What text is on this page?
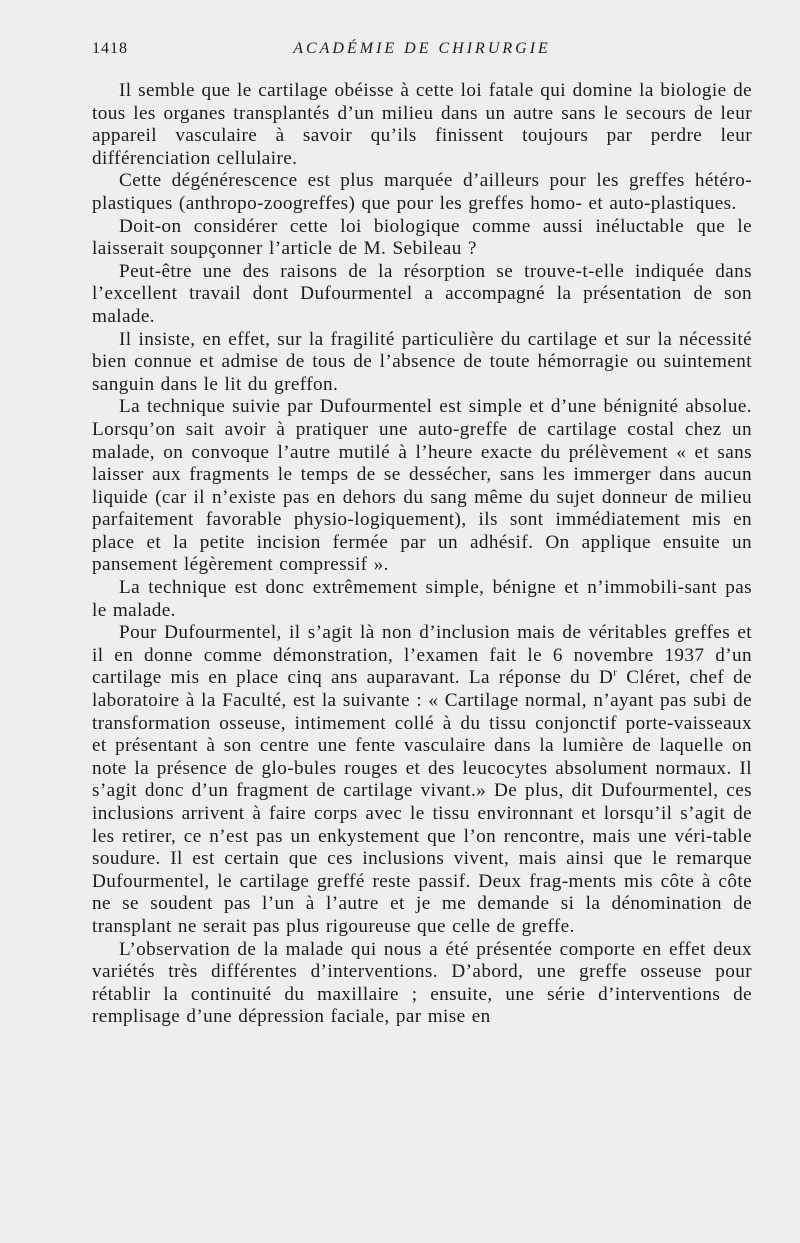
1418	ACADÉMIE DE CHIRURGIE

Il semble que le cartilage obéisse à cette loi fatale qui domine la biologie de tous les organes transplantés d’un milieu dans un autre sans le secours de leur appareil vasculaire à savoir qu’ils finissent toujours par perdre leur différenciation cellulaire.

Cette dégénérescence est plus marquée d’ailleurs pour les greffes hétéro-plastiques (anthropo-zoogreffes) que pour les greffes homo- et auto-plastiques.

Doit-on considérer cette loi biologique comme aussi inéluctable que le laisserait soupçonner l’article de M. Sebileau ?

Peut-être une des raisons de la résorption se trouve-t-elle indiquée dans l’excellent travail dont Dufourmentel a accompagné la présentation de son malade.

Il insiste, en effet, sur la fragilité particulière du cartilage et sur la nécessité bien connue et admise de tous de l’absence de toute hémorragie ou suintement sanguin dans le lit du greffon.

La technique suivie par Dufourmentel est simple et d’une bénignité absolue. Lorsqu’on sait avoir à pratiquer une auto-greffe de cartilage costal chez un malade, on convoque l’autre mutilé à l’heure exacte du prélèvement « et sans laisser aux fragments le temps de se dessécher, sans les immerger dans aucun liquide (car il n’existe pas en dehors du sang même du sujet donneur de milieu parfaitement favorable physio-logiquement), ils sont immédiatement mis en place et la petite incision fermée par un adhésif. On applique ensuite un pansement légèrement compressif ».

La technique est donc extrêmement simple, bénigne et n’immobili-sant pas le malade.

Pour Dufourmentel, il s’agit là non d’inclusion mais de véritables greffes et il en donne comme démonstration, l’examen fait le 6 novembre 1937 d’un cartilage mis en place cinq ans auparavant. La réponse du $D^r$ Cléret, chef de laboratoire à la Faculté, est la suivante : « Cartilage normal, n’ayant pas subi de transformation osseuse, intimement collé à du tissu conjonctif porte-vaisseaux et présentant à son centre une fente vasculaire dans la lumière de laquelle on note la présence de glo-bules rouges et des leucocytes absolument normaux. Il s’agit donc d’un fragment de cartilage vivant.» De plus, dit Dufourmentel, ces inclusions arrivent à faire corps avec le tissu environnant et lorsqu’il s’agit de les retirer, ce n’est pas un enkystement que l’on rencontre, mais une véri-table soudure. Il est certain que ces inclusions vivent, mais ainsi que le remarque Dufourmentel, le cartilage greffé reste passif. Deux frag-ments mis côte à côte ne se soudent pas l’un à l’autre et je me demande si la dénomination de transplant ne serait pas plus rigoureuse que celle de greffe.

L’observation de la malade qui nous a été présentée comporte en effet deux variétés très différentes d’interventions. D’abord, une greffe osseuse pour rétablir la continuité du maxillaire ; ensuite, une série d’interventions de remplisage d’une dépression faciale, par mise en
